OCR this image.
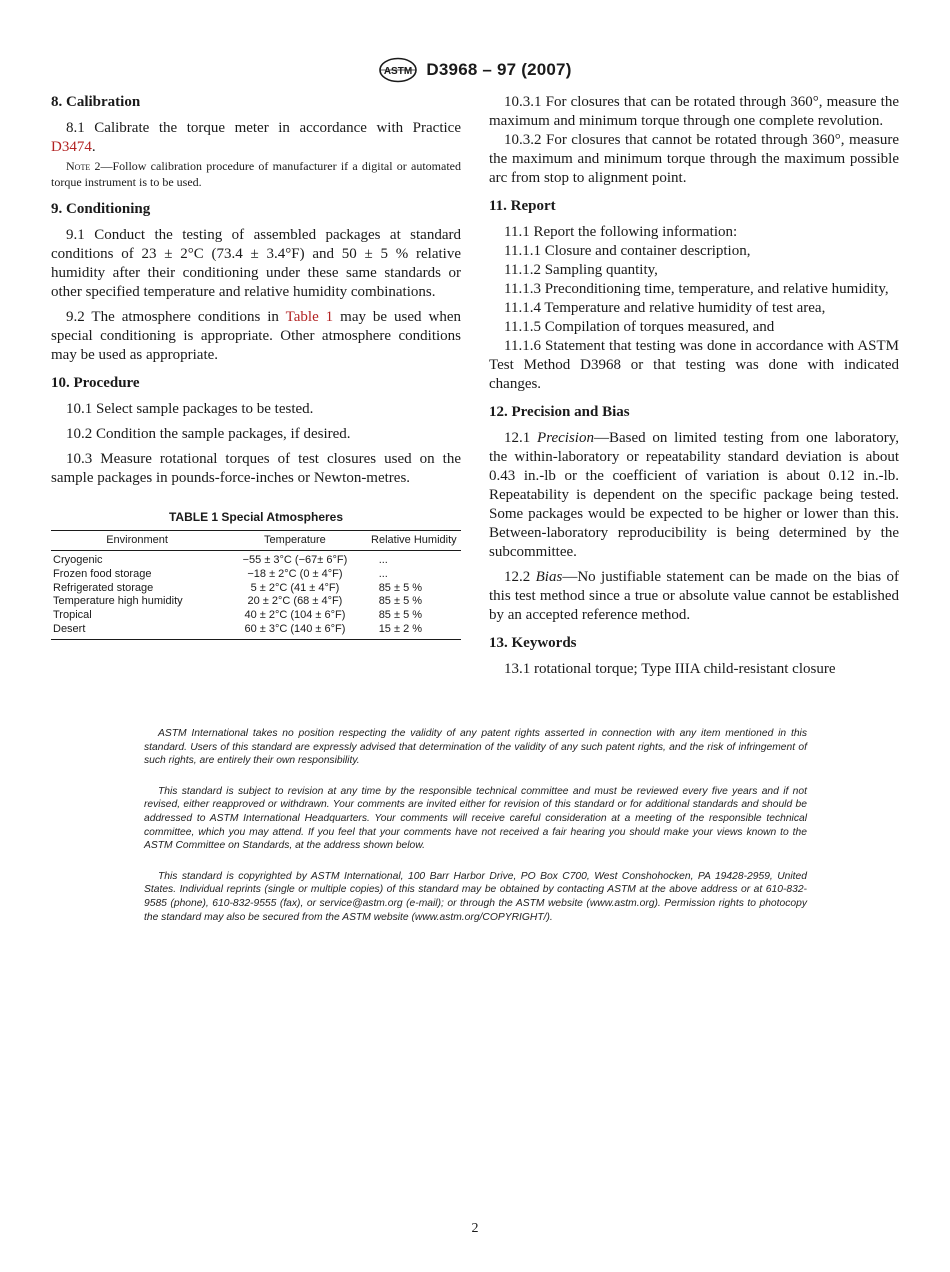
ASTM D3968 – 97 (2007)
8. Calibration

8.1 Calibrate the torque meter in accordance with Practice D3474.

Note 2—Follow calibration procedure of manufacturer if a digital or automated torque instrument is to be used.

9. Conditioning

9.1 Conduct the testing of assembled packages at standard conditions of 23 ± 2°C (73.4 ± 3.4°F) and 50 ± 5 % relative humidity after their conditioning under these same standards or other specified temperature and relative humidity combinations.

9.2 The atmosphere conditions in Table 1 may be used when special conditioning is appropriate. Other atmosphere conditions may be used as appropriate.

10. Procedure

10.1 Select sample packages to be tested.

10.2 Condition the sample packages, if desired.

10.3 Measure rotational torques of test closures used on the sample packages in pounds-force-inches or Newton-metres.

TABLE 1 Special Atmospheres
Environment	Temperature	Relative Humidity
Cryogenic	−55 ± 3°C (−67± 6°F)	...
Frozen food storage	−18 ± 2°C (0 ± 4°F)	...
Refrigerated storage	5 ± 2°C (41 ± 4°F)	85 ± 5 %
Temperature high humidity	20 ± 2°C (68 ± 4°F)	85 ± 5 %
Tropical	40 ± 2°C (104 ± 6°F)	85 ± 5 %
Desert	60 ± 3°C (140 ± 6°F)	15 ± 2 %

10.3.1 For closures that can be rotated through 360°, measure the maximum and minimum torque through one complete revolution.

10.3.2 For closures that cannot be rotated through 360°, measure the maximum and minimum torque through the maximum possible arc from stop to alignment point.

11. Report

11.1 Report the following information:

11.1.1 Closure and container description,

11.1.2 Sampling quantity,

11.1.3 Preconditioning time, temperature, and relative humidity,

11.1.4 Temperature and relative humidity of test area,

11.1.5 Compilation of torques measured, and

11.1.6 Statement that testing was done in accordance with ASTM Test Method D3968 or that testing was done with indicated changes.

12. Precision and Bias

12.1 Precision—Based on limited testing from one laboratory, the within-laboratory or repeatability standard deviation is about 0.43 in.-lb or the coefficient of variation is about 0.12 in.-lb. Repeatability is dependent on the specific package being tested. Some packages would be expected to be higher or lower than this. Between-laboratory reproducibility is being determined by the subcommittee.

12.2 Bias—No justifiable statement can be made on the bias of this test method since a true or absolute value cannot be established by an accepted reference method.

13. Keywords

13.1 rotational torque; Type IIIA child-resistant closure

ASTM International takes no position respecting the validity of any patent rights asserted in connection with any item mentioned in this standard. Users of this standard are expressly advised that determination of the validity of any such patent rights, and the risk of infringement of such rights, are entirely their own responsibility.

This standard is subject to revision at any time by the responsible technical committee and must be reviewed every five years and if not revised, either reapproved or withdrawn. Your comments are invited either for revision of this standard or for additional standards and should be addressed to ASTM International Headquarters. Your comments will receive careful consideration at a meeting of the responsible technical committee, which you may attend. If you feel that your comments have not received a fair hearing you should make your views known to the ASTM Committee on Standards, at the address shown below.

This standard is copyrighted by ASTM International, 100 Barr Harbor Drive, PO Box C700, West Conshohocken, PA 19428-2959, United States. Individual reprints (single or multiple copies) of this standard may be obtained by contacting ASTM at the above address or at 610-832-9585 (phone), 610-832-9555 (fax), or service@astm.org (e-mail); or through the ASTM website (www.astm.org). Permission rights to photocopy the standard may also be secured from the ASTM website (www.astm.org/COPYRIGHT/).

2
